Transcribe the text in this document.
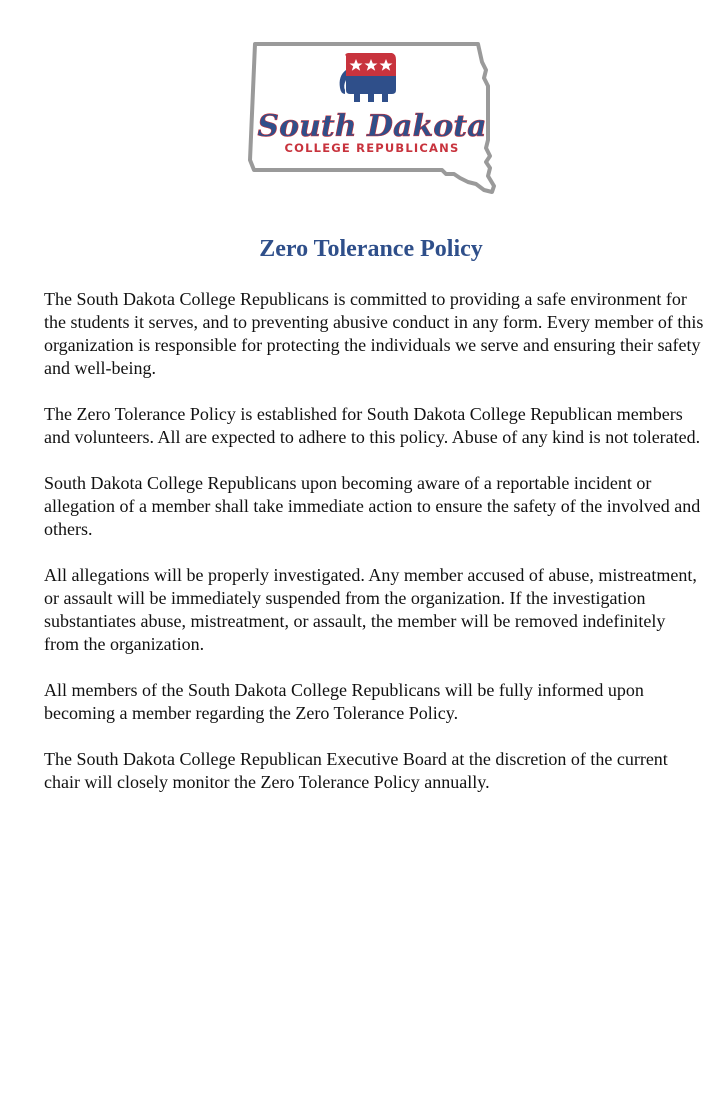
South Dakota
COLLEGE REPUBLICANS
Zero Tolerance Policy

The South Dakota College Republicans is committed to providing a safe environment for the students it serves, and to preventing abusive conduct in any form. Every member of this organization is responsible for protecting the individuals we serve and ensuring their safety and well-being.

The Zero Tolerance Policy is established for South Dakota College Republican members and volunteers. All are expected to adhere to this policy. Abuse of any kind is not tolerated.

South Dakota College Republicans upon becoming aware of a reportable incident or allegation of a member shall take immediate action to ensure the safety of the involved and others.

All allegations will be properly investigated. Any member accused of abuse, mistreatment, or assault will be immediately suspended from the organization. If the investigation substantiates abuse, mistreatment, or assault, the member will be removed indefinitely from the organization.

All members of the South Dakota College Republicans will be fully informed upon becoming a member regarding the Zero Tolerance Policy.

The South Dakota College Republican Executive Board at the discretion of the current chair will closely monitor the Zero Tolerance Policy annually.
